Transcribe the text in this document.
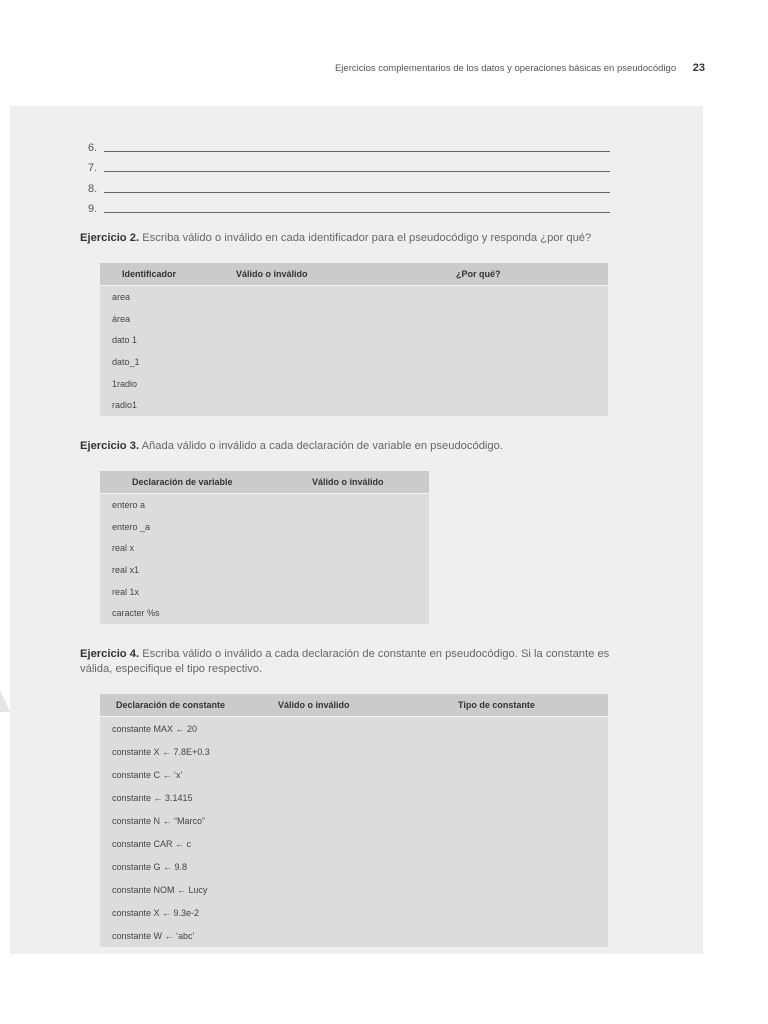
Ejercicios complementarios de los datos y operaciones básicas en pseudocódigo 23
6.
7.
8.
9.
Ejercicio 2. Escriba válido o inválido en cada identificador para el pseudocódigo y responda ¿por qué?
Identificador	Válido o inválido	¿Por qué?
area		
área		
dato 1		
dato_1		
1radio		
radio1		
Ejercicio 3. Añada válido o inválido a cada declaración de variable en pseudocódigo.
Declaración de variable	Válido o inválido
entero a	
entero _a	
real x	
real x1	
real 1x	
caracter %s	
Ejercicio 4. Escriba válido o inválido a cada declaración de constante en pseudocódigo. Si la constante es válida, especifique el tipo respectivo.
Declaración de constante	Válido o inválido	Tipo de constante
constante MAX ← 20		
constante X ← 7.8E+0.3		
constante C ← ‘x’		
constante ← 3.1415		
constante N ← “Marco”		
constante CAR ← c		
constante G ← 9.8		
constante NOM ← Lucy		
constante X ← 9.3e-2		
constante W ← ‘abc’		
